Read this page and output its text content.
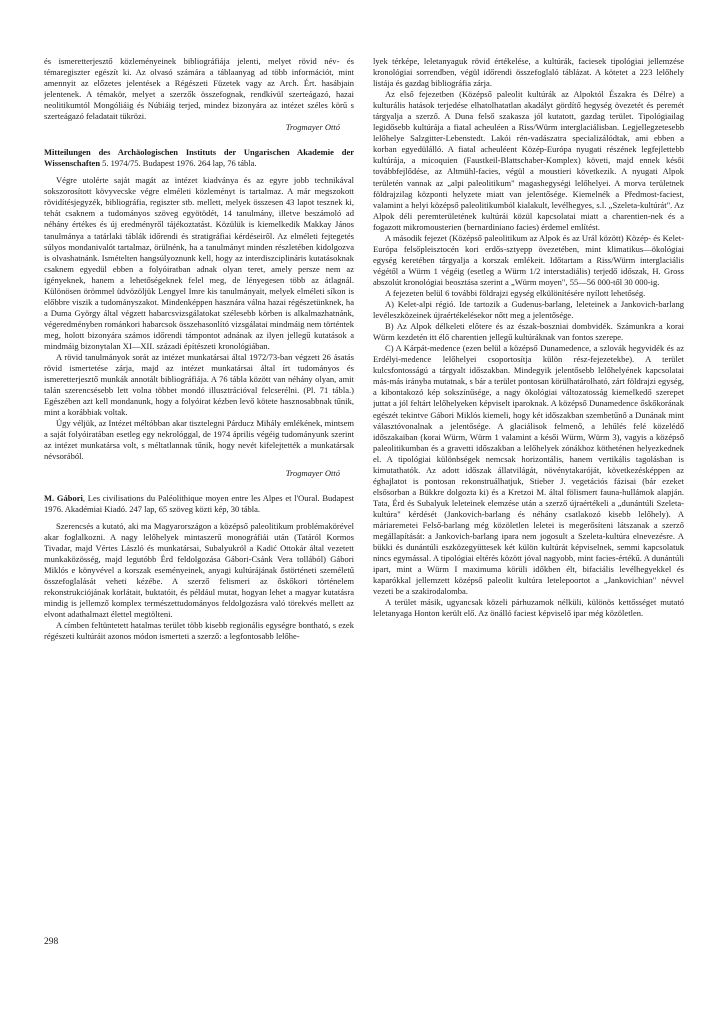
és ismeretterjesztő közleményeinek bibliográfiája jelenti, melyet rövid név- és témaregiszter egészít ki. Az olvasó számára a táblaanyag ad több információt, mint amennyit az előzetes jelentések a Régészeti Füzetek vagy az Arch. Ért. hasábjain jelentenek. A témakör, melyet a szerzők összefognak, rendkívül szerteágazó, hazai neolitikumtól Mongóliáig és Núbiáig terjed, mindez bizonyára az intézet széles körű s szerteágazó feladatait tükrözi.

Trogmayer Ottó
Mitteilungen des Archäologischen Instituts der Ungarischen Akademie der Wissenschaften 5. 1974/75. Budapest 1976. 264 lap, 76 tábla.

Végre utolérte saját magát az intézet kiadványa és az egyre jobb technikával sokszorosított kövyvecske végre elméleti közleményt is tartalmaz. A már megszokott rövidítésjegyzék, bibliográfia, regiszter stb. mellett, melyek összesen 43 lapot tesznek ki, tehát csaknem a tudományos szöveg egyötödét, 14 tanulmány, illetve beszámoló ad néhány értékes és új eredményről tájékoztatást. Közülük is kiemelkedik Makkay János tanulmánya a tatárlaki táblák időrendi és stratigráfiai kérdéseiről. Az elméleti fejtegetés súlyos mondanivalót tartalmaz, örülnénk, ha a tanulmányt minden részletében kidolgozva is olvashatnánk. Ismételten hangsúlyoznunk kell, hogy az interdiszciplináris kutatásoknak csaknem egyedül ebben a folyóiratban adnak olyan teret, amely persze nem az igényeknek, hanem a lehetőségeknek felel meg, de lényegesen több az átlagnál. Különösen örömmel üdvözöljük Lengyel Imre kis tanulmányait, melyek elméleti síkon is előbbre viszik a tudományszakot. Mindenképpen hasznára válna hazai régészetünknek, ha a Duma György által végzett habarcsvizsgálatokat szélesebb körben is alkalmazhatnánk, végeredményben románkori habarcsok összehasonlító vizsgálatai mindmáig nem történtek meg, holott bizonyára számos időrendi támpontot adnának az ilyen jellegű kutatások a mindmáig bizonytalan XI—XII. századi építészeti kronológiában.

A rövid tanulmányok sorát az intézet munkatársai által 1972/73-ban végzett 26 ásatás rövid ismertetése zárja, majd az intézet munkatársai által írt tudományos és ismeretterjesztő munkák annotált bibliográfiája. A 76 tábla között van néhány olyan, amit talán szerencsésebb lett volna többet mondó illusztrációval felcserélni. (Pl. 71 tábla.) Egészében azt kell mondanunk, hogy a folyóirat kézben levő kötete hasznosabbnak tűnik, mint a korábbiak voltak.

Úgy véljük, az Intézet méltóbban akar tisztelegni Párducz Mihály emlékének, mintsem a saját folyóiratában esetleg egy nekrológgal, de 1974 április végéig tudományunk szerint az intézet munkatársa volt, s méltatlannak tűnik, hogy nevét kifelejtették a munkatársak névsorából.

Trogmayer Ottó
M. Gábori, Les civilisations du Paléolithique moyen entre les Alpes et l'Oural. Budapest 1976. Akadémiai Kiadó. 247 lap, 65 szöveg közti kép, 30 tábla.

Szerencsés a kutató, aki ma Magyarországon a középső paleolitikum problémakörével akar foglalkozni. A nagy lelőhelyek mintaszerű monográfiái után (Tatáról Kormos Tivadar, majd Vértes László és munkatársai, Subalyukról a Kadić Ottokár által vezetett munkaközösség, majd legutóbb Érd feldolgozása Gábori-Csánk Vera tollából) Gábori Miklós e könyvével a korszak eseményeinek, anyagi kultúrájának őstörténeti személetű összefoglalását veheti kézébe. A szerző felismeri az őskőkori történelem rekonstrukciójának korlátait, buktatóit, és például mutat, hogyan lehet a magyar kutatásra mindig is jellemző komplex természettudományos feldolgozásra való törekvés mellett az elvont adathalmazt élettel megtölteni.

A címben feltüntetett hatalmas terület több kisebb regionális egységre bontható, s ezek régészeti kultúráit azonos módon ismerteti a szerző: a legfontosabb lelőhe-

lyek térképe, leletanyaguk rövid értékelése, a kultúrák, faciesek tipológiai jellemzése kronológiai sorrendben, végül időrendi összefoglaló táblázat. A kötetet a 223 lelőhely listája és gazdag bibliográfia zárja.

Az első fejezetben (Középső paleolit kultúrák az Alpoktól Északra és Délre) a kulturális hatások terjedése elhatolhatatlan akadályt gördítő hegység övezetét és peremét tárgyalja a szerző. A Duna felső szakasza jól kutatott, gazdag terület. Tipológiailag legidősebb kultúrája a fiatal acheuléen a Riss/Würm interglaciálisban. Legjellegzetesebb lelőhelye Salzgitter-Lebenstedt. Lakói rén-vadászatra specializálódtak, ami ebben a korban egyedülálló. A fiatal acheuléent Közép-Európa nyugati részének legfejlettebb kultúrája, a micoquien (Faustkeil-Blattschaber-Komplex) követi, majd ennek késői továbbfejlődése, az Altmühl-facies, végül a moustieri következik. A nyugati Alpok területén vannak az „alpi paleolitikum" magashegységi lelőhelyei. A morva területnek földrajzilag központi helyzete miatt van jelentősége. Kiemelnék a Předmost-faciest, valamint a helyi középső paleolitikumból kialakult, levélhegyes, s.l. „Szeleta-kultúrát". Az Alpok déli peremterületének kultúrái közül kapcsolatai miatt a charentien-nek és a fogazott mikromousterien (bernardiniano facies) érdemel említést.

A második fejezet (Középső paleolitikum az Alpok és az Urál között) Közép- és Kelet-Európa felsőpleisztocén kori erdős-sztyepp övezetében, mint klimatikus—ökológiai egység keretében tárgyalja a korszak emlékeit. Időtartam a Riss/Würm interglaciális végétől a Würm 1 végéig (esetleg a Würm 1/2 interstadiális) terjedő időszak, H. Gross abszolút kronológiai beosztása szerint a „Würm moyen", 55—56 000-től 30 000-ig.

A fejezeten belül 6 további földrajzi egység elkülönítésére nyílott lehetőség.

A) Kelet-alpi régió. Ide tartozik a Gudenus-barlang, leleteinek a Jankovich-barlang levéleszközeinek újraértékelésekor nőtt meg a jelentősége.

B) Az Alpok délkeleti előtere és az észak-boszniai dombvidék. Számunkra a korai Würm kezdetén itt élő charentien jellegű kultúráknak van fontos szerepe.

C) A Kárpát-medence (ezen belül a középső Dunamedence, a szlovák hegyvidék és az Erdélyi-medence lelőhelyei csoportosítja külön rész-fejezetekbe). A terület kulcsfontosságú a tárgyalt időszakban. Mindegyik jelentősebb lelőhelyének kapcsolatai más-más irányba mutatnak, s bár a terület pontosan körülhatárolható, zárt földrajzi egység, a kibontakozó kép sokszínűsége, a nagy ökológiai változatosság kiemelkedő szerepet juttat a jól feltárt lelőhelyeken képviselt iparoknak. A középső Dunamedence őskőkorának egészét tekintve Gábori Miklós kiemeli, hogy két időszakban szembetűnő a Dunának mint választóvonalnak a jelentősége. A glaciálisok felmenő, a lehűlés felé közelédő időszakaiban (korai Würm, Würm 1 valamint a késői Würm, Würm 3), vagyis a középső paleolitikumban és a gravetti időszakban a lelőhelyek zónákhoz kötheténen helyezkednek el. A tipológiai különbségek nemcsak horizontális, hanem vertikális tagolásban is kimutathatók. Az adott időszak állatvilágát, növénytakaróját, következésképpen az éghajlatot is pontosan rekonstruálhatjuk, Stieber J. vegetációs fázisai (bár ezeket elsősorban a Bükkre dolgozta ki) és a Kretzoi M. által fölismert fauna-hullámok alapján. Tata, Érd és Subalyuk leleteinek elemzése után a szerző újraértékeli a „dunántúli Szeleta-kultúra" kérdését (Jankovich-barlang és néhány csatlakozó kisebb lelőhely). A máriaremetei Felső-barlang még közöletlen leletei is megerősíteni látszanak a szerző megállapítását: a Jankovich-barlang ipara nem jogosult a Szeleta-kultúra elnevezésre. A bükki és dunántúli eszközegyüttesek két külön kultúrát képviselnek, semmi kapcsolatuk nincs egymással. A tipológiai eltérés között jóval nagyobb, mint facies-értékű. A dunántúli ipart, mint a Würm I maximuma körüli időkben élt, bifaciális levélhegyekkel és kaparókkal jellemzett középső paleolit kultúra letelepoortot a „Jankovichian" névvel vezeti be a szakirodalomba.

A terület másik, ugyancsak közeli párhuzamok nélküli, különös kettősséget mutató leletanyaga Honton került elő. Az önálló faciest képviselő ipar még közöletlen.

298
